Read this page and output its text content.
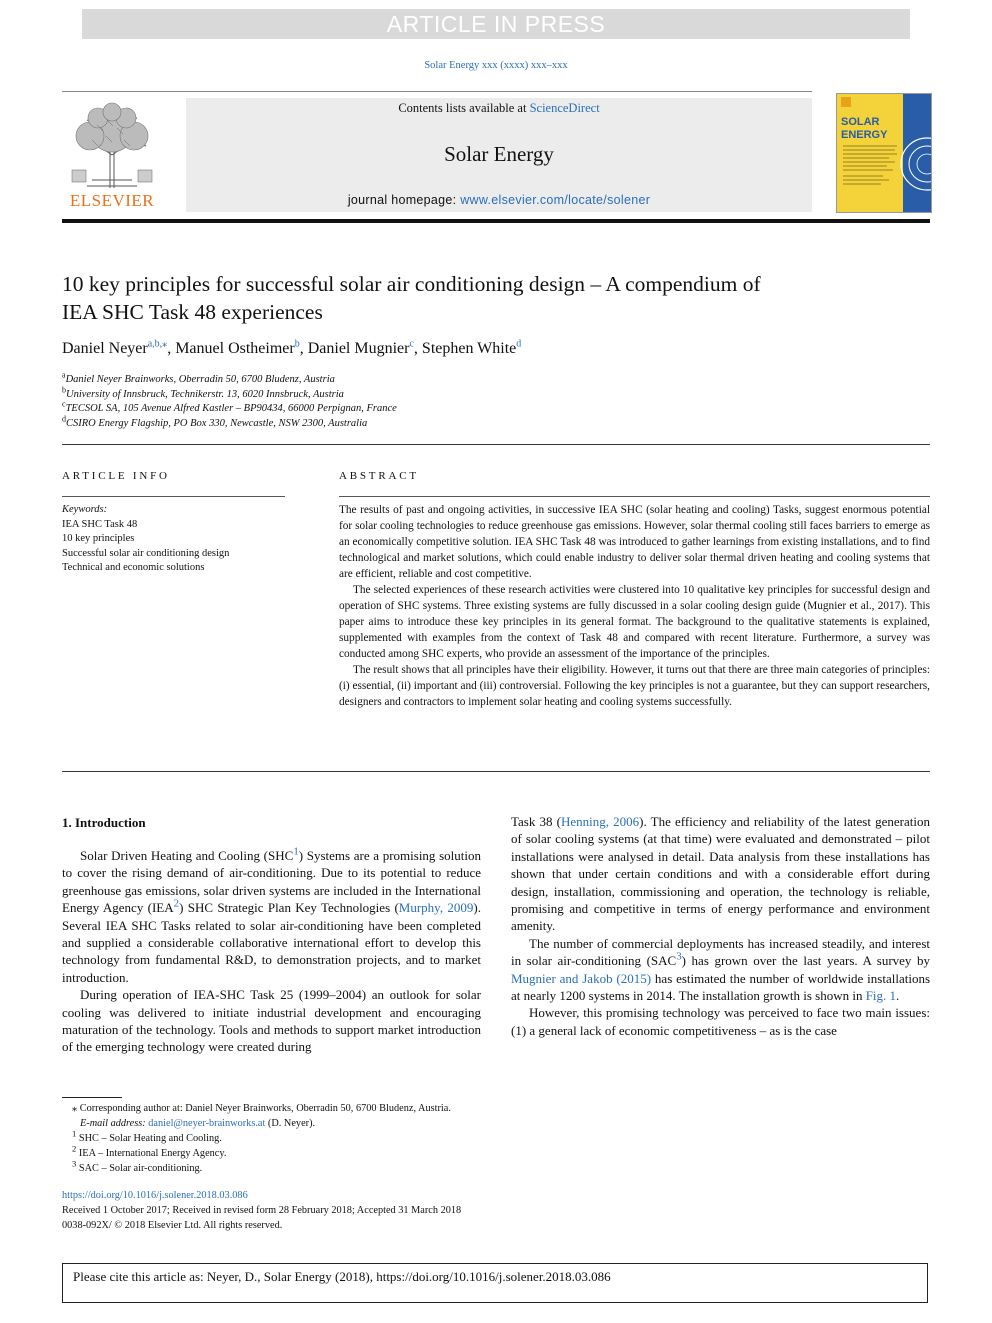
ARTICLE IN PRESS
Solar Energy xxx (xxxx) xxx–xxx
ELSEVIER
Contents lists available at ScienceDirect
Solar Energy
journal homepage: www.elsevier.com/locate/solener
SOLAR
ENERGY
10 key principles for successful solar air conditioning design – A compendium of IEA SHC Task 48 experiences
Daniel Neyer$^{a,b,⁎}$, Manuel Ostheimer$^b$, Daniel Mugnier$^c$, Stephen White$^d$
$^a$Daniel Neyer Brainworks, Oberradin 50, 6700 Bludenz, Austria
$^b$University of Innsbruck, Technikerstr. 13, 6020 Innsbruck, Austria
$^c$TECSOL SA, 105 Avenue Alfred Kastler – BP90434, 66000 Perpignan, France
$^d$CSIRO Energy Flagship, PO Box 330, Newcastle, NSW 2300, Australia
ARTICLE INFO	ABSTRACT
Keywords:
IEA SHC Task 48
10 key principles
Successful solar air conditioning design
Technical and economic solutions

The results of past and ongoing activities, in successive IEA SHC (solar heating and cooling) Tasks, suggest enormous potential for solar cooling technologies to reduce greenhouse gas emissions. However, solar thermal cooling still faces barriers to emerge as an economically competitive solution. IEA SHC Task 48 was introduced to gather learnings from existing installations, and to find technological and market solutions, which could enable industry to deliver solar thermal driven heating and cooling systems that are efficient, reliable and cost competitive.

The selected experiences of these research activities were clustered into 10 qualitative key principles for successful design and operation of SHC systems. Three existing systems are fully discussed in a solar cooling design guide (Mugnier et al., 2017). This paper aims to introduce these key principles in its general format. The background to the qualitative statements is explained, supplemented with examples from the context of Task 48 and compared with recent literature. Furthermore, a survey was conducted among SHC experts, who provide an assessment of the importance of the principles.

The result shows that all principles have their eligibility. However, it turns out that there are three main categories of principles: (i) essential, (ii) important and (iii) controversial. Following the key principles is not a guarantee, but they can support researchers, designers and contractors to implement solar heating and cooling systems successfully.

1. Introduction

Solar Driven Heating and Cooling (SHC$^1$) Systems are a promising solution to cover the rising demand of air-conditioning. Due to its potential to reduce greenhouse gas emissions, solar driven systems are included in the International Energy Agency (IEA$^2$) SHC Strategic Plan Key Technologies (Murphy, 2009). Several IEA SHC Tasks related to solar air-conditioning have been completed and supplied a considerable collaborative international effort to develop this technology from fundamental R&D, to demonstration projects, and to market introduction.

During operation of IEA-SHC Task 25 (1999–2004) an outlook for solar cooling was delivered to initiate industrial development and encouraging maturation of the technology. Tools and methods to support market introduction of the emerging technology were created during

Task 38 (Henning, 2006). The efficiency and reliability of the latest generation of solar cooling systems (at that time) were evaluated and demonstrated – pilot installations were analysed in detail. Data analysis from these installations has shown that under certain conditions and with a considerable effort during design, installation, commissioning and operation, the technology is reliable, promising and competitive in terms of energy performance and environment amenity.

The number of commercial deployments has increased steadily, and interest in solar air-conditioning (SAC$^3$) has grown over the last years. A survey by Mugnier and Jakob (2015) has estimated the number of worldwide installations at nearly 1200 systems in 2014. The installation growth is shown in Fig. 1.

However, this promising technology was perceived to face two main issues: (1) a general lack of economic competitiveness – as is the case

⁎ Corresponding author at: Daniel Neyer Brainworks, Oberradin 50, 6700 Bludenz, Austria.
E-mail address: daniel@neyer-brainworks.at (D. Neyer).
$^1$ SHC – Solar Heating and Cooling.
$^2$ IEA – International Energy Agency.
$^3$ SAC – Solar air-conditioning.
https://doi.org/10.1016/j.solener.2018.03.086
Received 1 October 2017; Received in revised form 28 February 2018; Accepted 31 March 2018
0038-092X/ © 2018 Elsevier Ltd. All rights reserved.
Please cite this article as: Neyer, D., Solar Energy (2018), https://doi.org/10.1016/j.solener.2018.03.086
